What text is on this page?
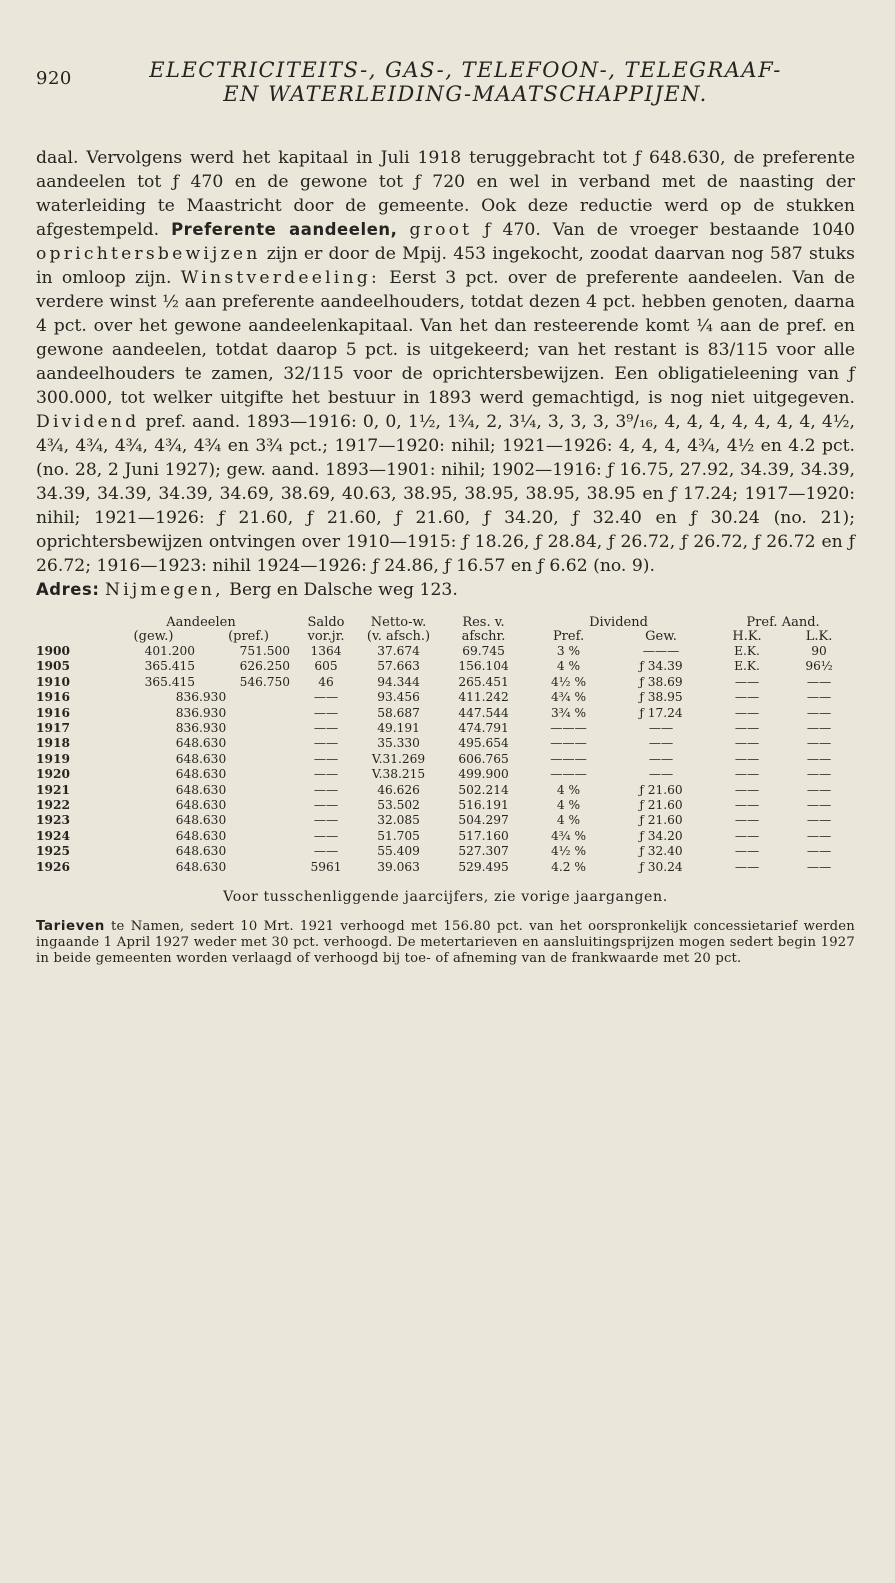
920	ELECTRICITEITS-, GAS-, TELEFOON-, TELEGRAAF-
EN WATERLEIDING-MAATSCHAPPIJEN.

daal. Vervolgens werd het kapitaal in Juli 1918 teruggebracht tot ƒ 648.630, de preferente aandeelen tot ƒ 470 en de gewone tot ƒ 720 en wel in verband met de naasting der waterleiding te Maastricht door de gemeente. Ook deze reductie werd op de stukken afgestempeld. Preferente aandeelen, groot ƒ 470. Van de vroeger bestaande 1040 oprichtersbewijzen zijn er door de Mpij. 453 ingekocht, zoodat daarvan nog 587 stuks in omloop zijn. Winstverdeeling: Eerst 3 pct. over de preferente aandeelen. Van de verdere winst ½ aan preferente aandeelhouders, totdat dezen 4 pct. hebben genoten, daarna 4 pct. over het gewone aandeelenkapitaal. Van het dan resteerende komt ¼ aan de pref. en gewone aandeelen, totdat daarop 5 pct. is uitgekeerd; van het restant is 83/115 voor alle aandeelhouders te zamen, 32/115 voor de oprichtersbewijzen. Een obligatieleening van ƒ 300.000, tot welker uitgifte het bestuur in 1893 werd gemachtigd, is nog niet uitgegeven. Dividend pref. aand. 1893—1916: 0, 0, 1½, 1¾, 2, 3¼, 3, 3, 3, 3⁹/₁₆, 4, 4, 4, 4, 4, 4, 4, 4½, 4¾, 4¾, 4¾, 4¾, 4¾ en 3¾ pct.; 1917—1920: nihil; 1921—1926: 4, 4, 4, 4¾, 4½ en 4.2 pct. (no. 28, 2 Juni 1927); gew. aand. 1893—1901: nihil; 1902—1916: ƒ 16.75, 27.92, 34.39, 34.39, 34.39, 34.39, 34.39, 34.69, 38.69, 40.63, 38.95, 38.95, 38.95, 38.95 en ƒ 17.24; 1917—1920: nihil; 1921—1926: ƒ 21.60, ƒ 21.60, ƒ 21.60, ƒ 34.20, ƒ 32.40 en ƒ 30.24 (no. 21); oprichtersbewijzen ontvingen over 1910—1915: ƒ 18.26, ƒ 28.84, ƒ 26.72, ƒ 26.72, ƒ 26.72 en ƒ 26.72; 1916—1923: nihil 1924—1926: ƒ 24.86, ƒ 16.57 en ƒ 6.62 (no. 9).

Adres: Nijmegen, Berg en Dalsche weg 123.

	Aandeelen		Saldo	Netto-w.	Res. v.	Dividend		Pref. Aand.	
	(gew.)	(pref.)	vor.jr.	(v. afsch.)	afschr.	Pref.	Gew.	H.K.	L.K.
1900	401.200	751.500	1364	37.674	69.745	3 %	———	E.K.	90
1905	365.415	626.250	605	57.663	156.104	4 %	ƒ 34.39	E.K.	96½
1910	365.415	546.750	46	94.344	265.451	4½ %	ƒ 38.69	——	——
1916	836.930		——	93.456	411.242	4¾ %	ƒ 38.95	——	——
1916	836.930		——	58.687	447.544	3¾ %	ƒ 17.24	——	——
1917	836.930		——	49.191	474.791	———	——	——	——
1918	648.630		——	35.330	495.654	———	——	——	——
1919	648.630		——	V.31.269	606.765	———	——	——	——
1920	648.630		——	V.38.215	499.900	———	——	——	——
1921	648.630		——	46.626	502.214	4 %	ƒ 21.60	——	——
1922	648.630		——	53.502	516.191	4 %	ƒ 21.60	——	——
1923	648.630		——	32.085	504.297	4 %	ƒ 21.60	——	——
1924	648.630		——	51.705	517.160	4¾ %	ƒ 34.20	——	——
1925	648.630		——	55.409	527.307	4½ %	ƒ 32.40	——	——
1926	648.630		5961	39.063	529.495	4.2 %	ƒ 30.24	——	——
Voor tusschenliggende jaarcijfers, zie vorige jaargangen.
Tarieven te Namen, sedert 10 Mrt. 1921 verhoogd met 156.80 pct. van het oorspronkelijk concessietarief werden ingaande 1 April 1927 weder met 30 pct. verhoogd. De metertarieven en aansluitingsprijzen mogen sedert begin 1927 in beide gemeenten worden verlaagd of verhoogd bij toe- of afneming van de frankwaarde met 20 pct.
